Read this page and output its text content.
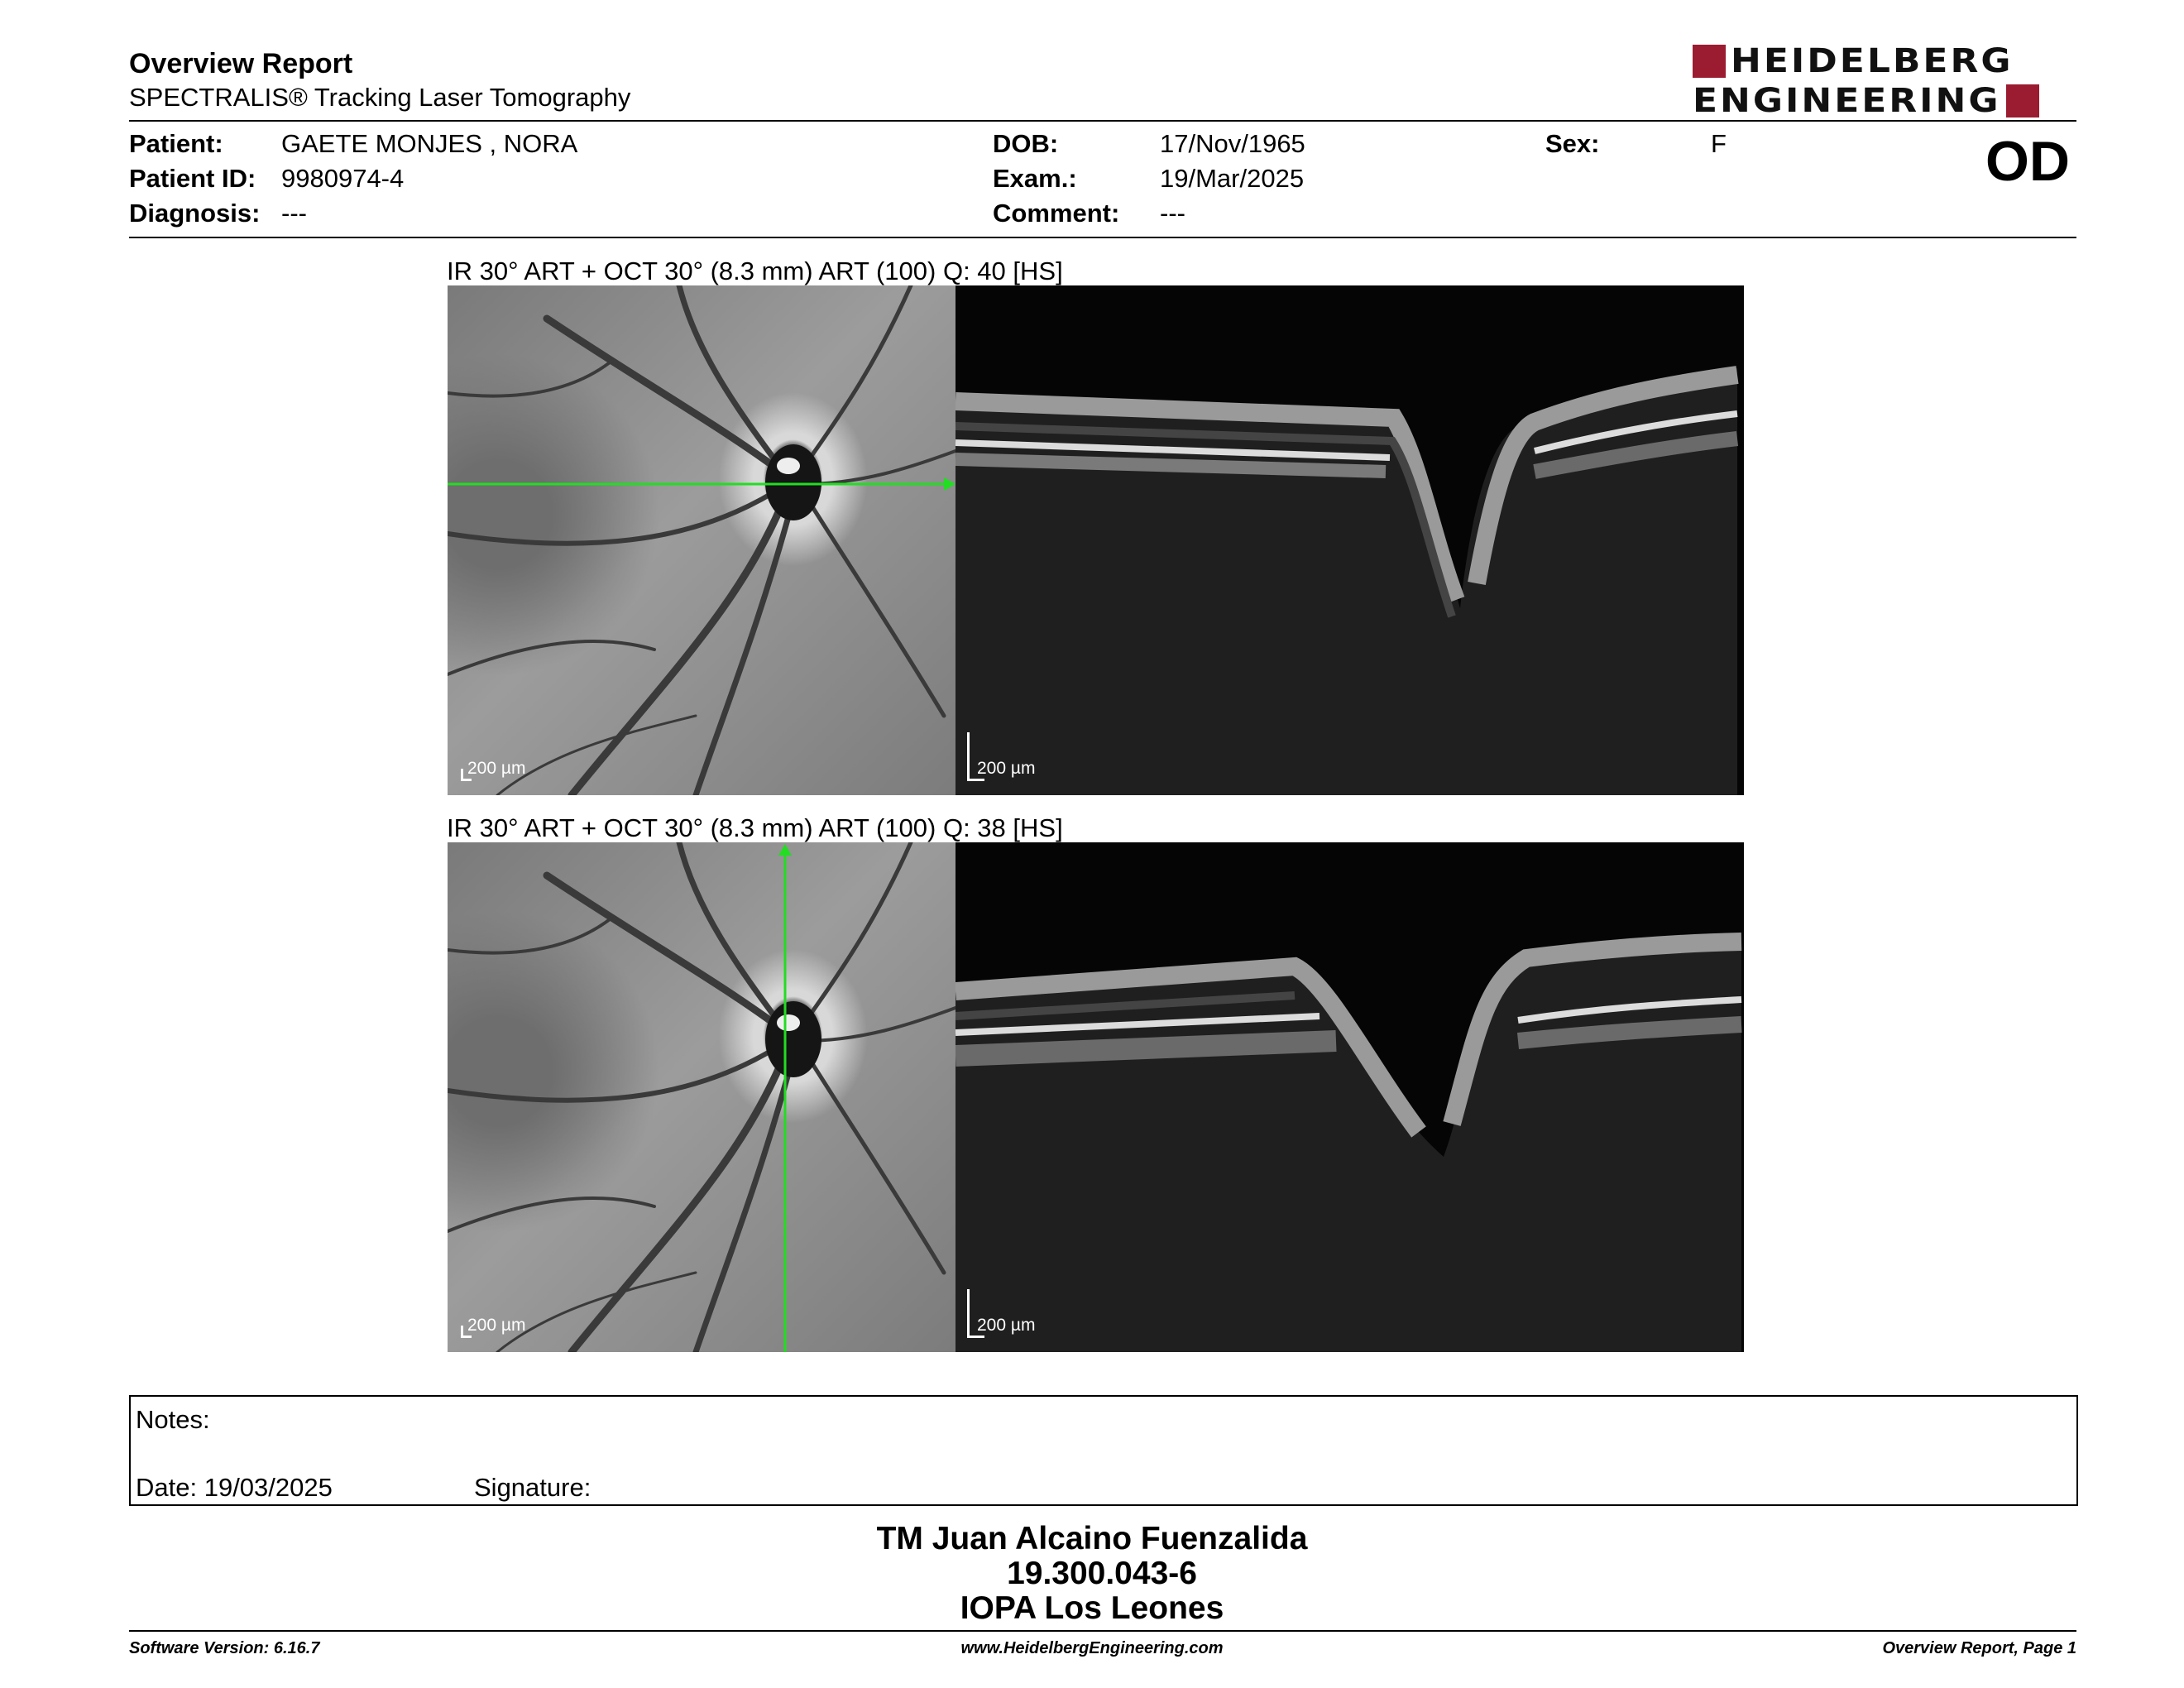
Overview Report
SPECTRALIS® Tracking Laser Tomography
HEIDELBERG
ENGINEERING
Patient: GAETE MONJES , NORA
Patient ID: 9980974-4
Diagnosis: ---
DOB:	17/Nov/1965
Exam.:	19/Mar/2025
Comment: ---
Sex:	F	OD
IR 30° ART + OCT 30° (8.3 mm) ART (100) Q: 40 [HS]
200 µm	200 µm
IR 30° ART + OCT 30° (8.3 mm) ART (100) Q: 38 [HS]
200 µm	200 µm
Notes:
Date: 19/03/2025	Signature:
TM Juan Alcaino Fuenzalida
19.300.043-6
IOPA Los Leones
Software Version: 6.16.7	www.HeidelbergEngineering.com	Overview Report, Page 1
